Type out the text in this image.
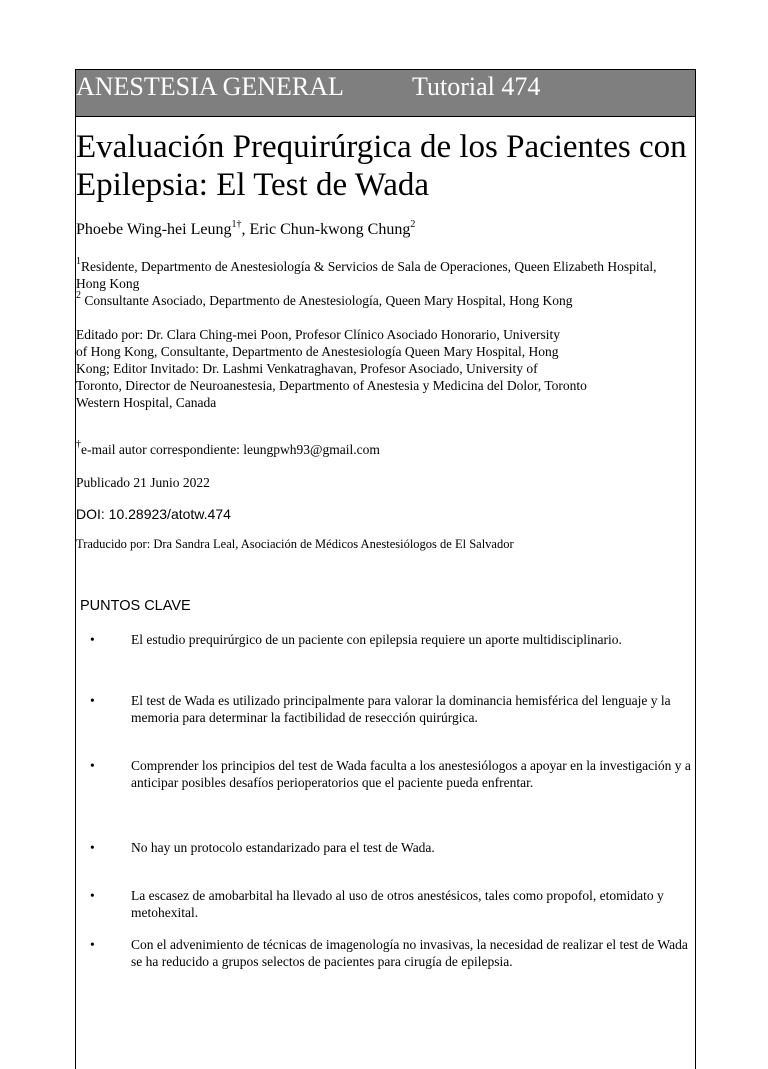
ANESTESIA GENERAL	Tutorial 474
Evaluación Prequirúrgica de los Pacientes con Epilepsia: El Test de Wada
Phoebe Wing-hei Leung$^{1\dagger}$, Eric Chun-kwong Chung$^2$

$^1$Residente, Departmento de Anestesiología & Servicios de Sala de Operaciones, Queen Elizabeth Hospital, Hong Kong

$^2$ Consultante Asociado, Departmento de Anestesiología, Queen Mary Hospital, Hong Kong

Editado por: Dr. Clara Ching-mei Poon, Profesor Clínico Asociado Honorario, University
of Hong Kong, Consultante, Departmento de Anestesiología Queen Mary Hospital, Hong
Kong; Editor Invitado: Dr. Lashmi Venkatraghavan, Profesor Asociado, University of
Toronto, Director de Neuroanestesia, Departmento of Anestesia y Medicina del Dolor, Toronto
Western Hospital, Canada
†e-mail autor correspondiente: leungpwh93@gmail.com
Publicado 21 Junio 2022
DOI: 10.28923/atotw.474
Traducido por: Dra Sandra Leal, Asociación de Médicos Anestesiólogos de El Salvador
PUNTOS CLAVE
•	El estudio prequirúrgico de un paciente con epilepsia requiere un aporte multidisciplinario.
•	El test de Wada es utilizado principalmente para valorar la dominancia hemisférica del lenguaje y la memoria para determinar la factibilidad de resección quirúrgica.
•	Comprender los principios del test de Wada faculta a los anestesiólogos a apoyar en la investigación y a anticipar posibles desafíos perioperatorios que el paciente pueda enfrentar.
•	No hay un protocolo estandarizado para el test de Wada.
•	La escasez de amobarbital ha llevado al uso de otros anestésicos, tales como propofol, etomidato y metohexital.
•	Con el advenimiento de técnicas de imagenología no invasivas, la necesidad de realizar el test de Wada se ha reducido a grupos selectos de pacientes para cirugía de epilepsia.
